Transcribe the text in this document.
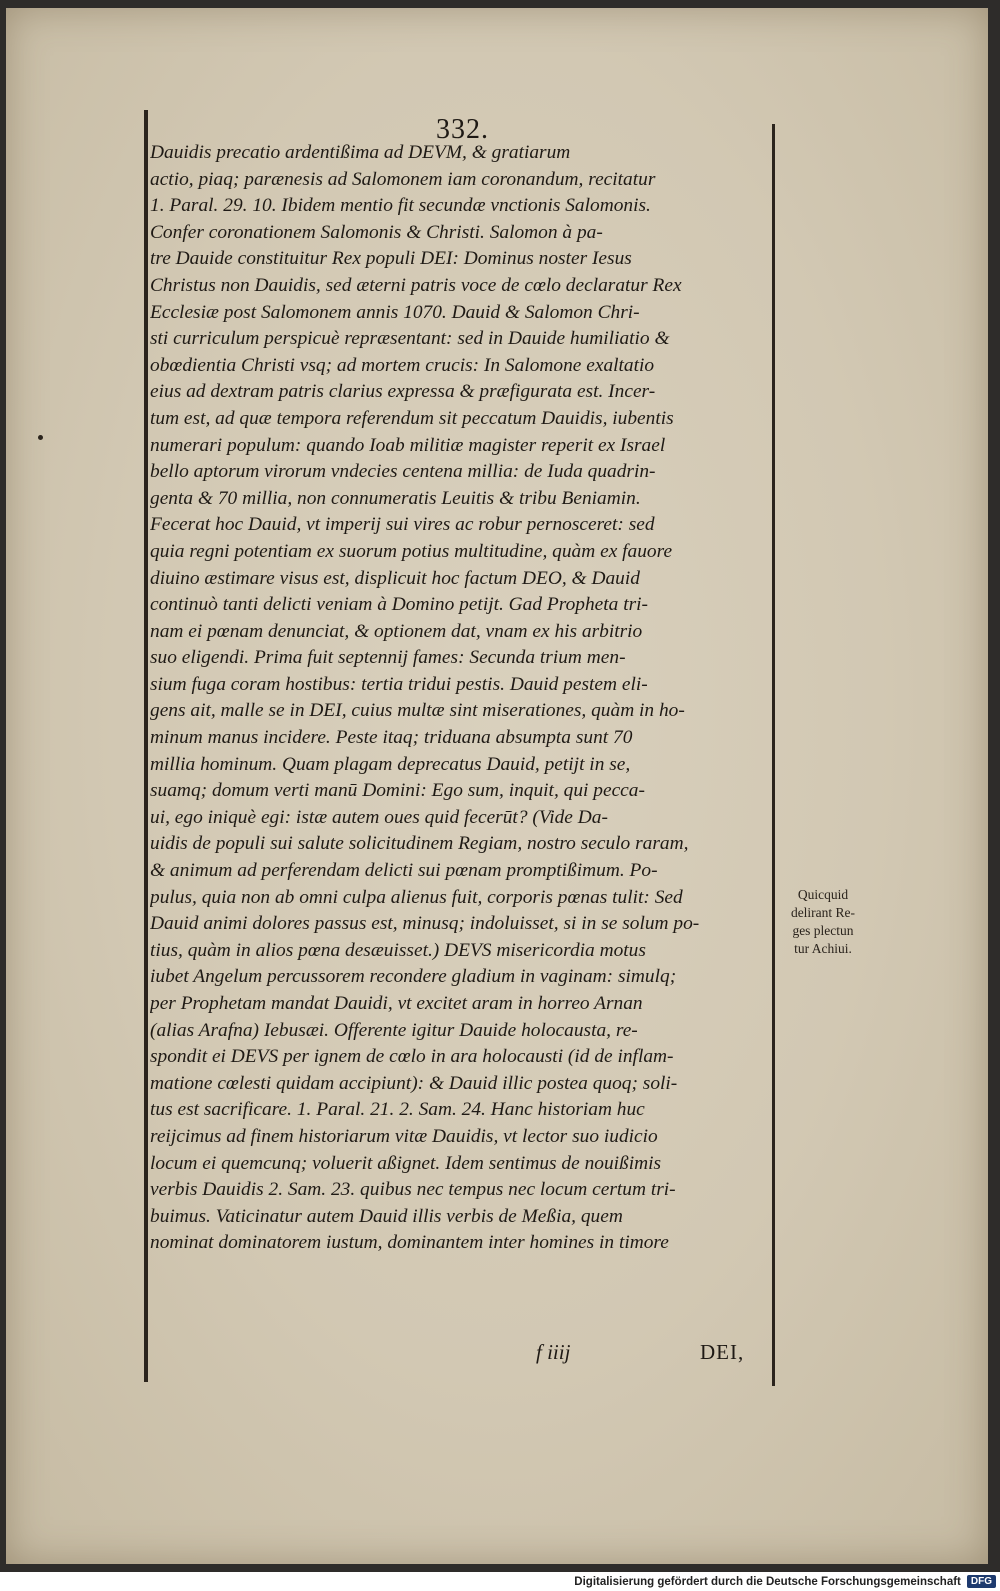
332.
Dauidis precatio ardentißima ad DEVM, & gratiarum
actio, piaq; parænesis ad Salomonem iam coronandum, recitatur
1. Paral. 29. 10. Ibidem mentio fit secundæ vnctionis Salomonis.
Confer coronationem Salomonis & Christi. Salomon à pa-
tre Dauide constituitur Rex populi DEI: Dominus noster Iesus
Christus non Dauidis, sed æterni patris voce de cœlo declaratur Rex
Ecclesiæ post Salomonem annis 1070. Dauid & Salomon Chri-
sti curriculum perspicuè repræsentant: sed in Dauide humiliatio &
obœdientia Christi vsq; ad mortem crucis: In Salomone exaltatio
eius ad dextram patris clarius expressa & præfigurata est. Incer-
tum est, ad quæ tempora referendum sit peccatum Dauidis, iubentis
numerari populum: quando Ioab militiæ magister reperit ex Israel
bello aptorum virorum vndecies centena millia: de Iuda quadrin-
genta & 70 millia, non connumeratis Leuitis & tribu Beniamin.
Fecerat hoc Dauid, vt imperij sui vires ac robur pernosceret: sed
quia regni potentiam ex suorum potius multitudine, quàm ex fauore
diuino æstimare visus est, displicuit hoc factum DEO, & Dauid
continuò tanti delicti veniam à Domino petijt. Gad Propheta tri-
nam ei pœnam denunciat, & optionem dat, vnam ex his arbitrio
suo eligendi. Prima fuit septennij fames: Secunda trium men-
sium fuga coram hostibus: tertia tridui pestis. Dauid pestem eli-
gens ait, malle se in DEI, cuius multæ sint miserationes, quàm in ho-
minum manus incidere. Peste itaq; triduana absumpta sunt 70
millia hominum. Quam plagam deprecatus Dauid, petijt in se,
suamq; domum verti manū Domini: Ego sum, inquit, qui pecca-
ui, ego iniquè egi: istæ autem oues quid fecerūt? (Vide Da-
uidis de populi sui salute solicitudinem Regiam, nostro seculo raram,
& animum ad perferendam delicti sui pœnam promptißimum. Po-
pulus, quia non ab omni culpa alienus fuit, corporis pœnas tulit: Sed
Dauid animi dolores passus est, minusq; indoluisset, si in se solum po-
tius, quàm in alios pœna desæuisset.) DEVS misericordia motus
iubet Angelum percussorem recondere gladium in vaginam: simulq;
per Prophetam mandat Dauidi, vt excitet aram in horreo Arnan
(alias Arafna) Iebusæi. Offerente igitur Dauide holocausta, re-
spondit ei DEVS per ignem de cœlo in ara holocausti (id de inflam-
matione cœlesti quidam accipiunt): & Dauid illic postea quoq; soli-
tus est sacrificare. 1. Paral. 21. 2. Sam. 24. Hanc historiam huc
reijcimus ad finem historiarum vitæ Dauidis, vt lector suo iudicio
locum ei quemcunq; voluerit aßignet. Idem sentimus de nouißimis
verbis Dauidis 2. Sam. 23. quibus nec tempus nec locum certum tri-
buimus. Vaticinatur autem Dauid illis verbis de Meßia, quem
nominat dominatorem iustum, dominantem inter homines in timore
Quicquid
delirant Re-
ges plectun
tur Achiui.
f iiij	DEI,
Digitalisierung gefördert durch die Deutsche Forschungsgemeinschaft	DFG
